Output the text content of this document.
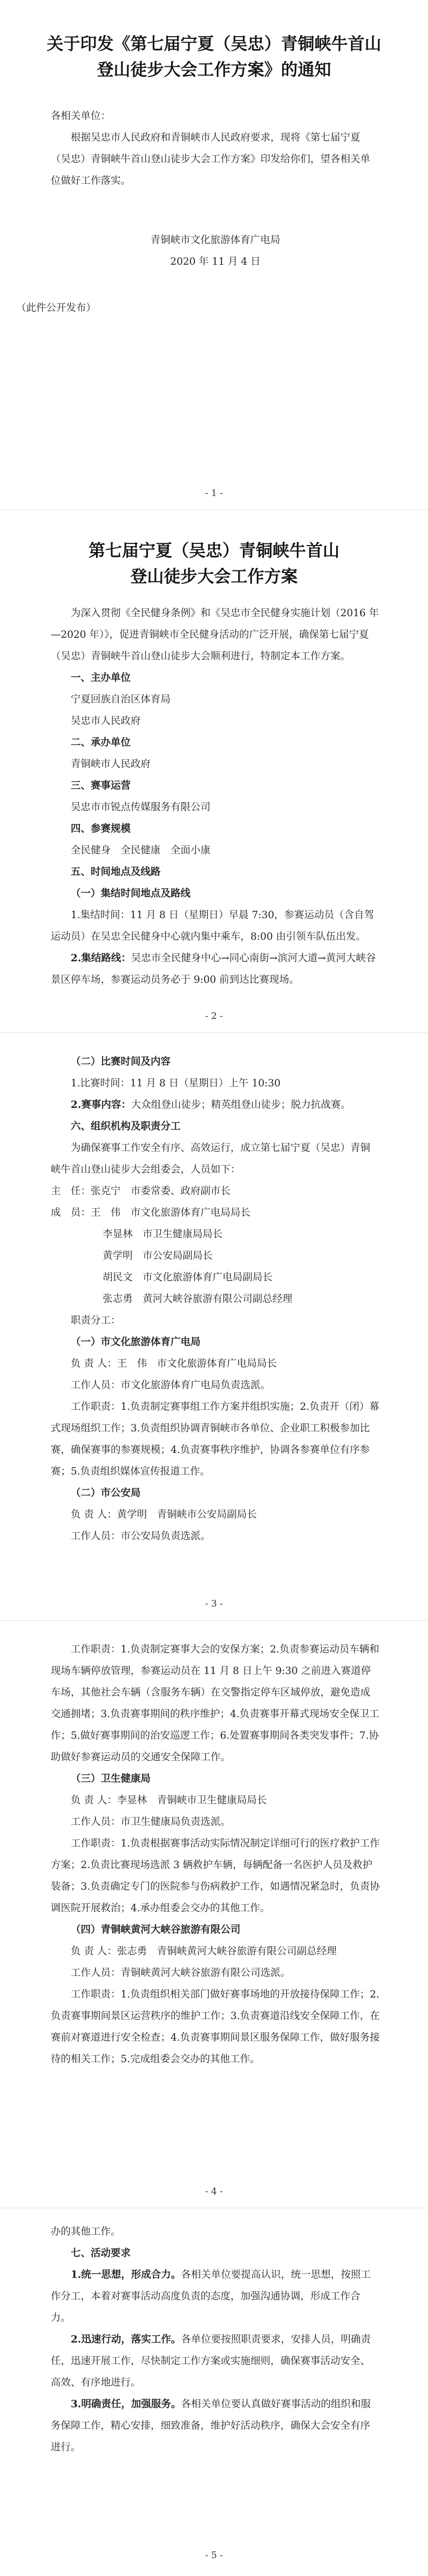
关于印发《第七届宁夏（吴忠）青铜峡牛首山
登山徒步大会工作方案》的通知

各相关单位：

根据吴忠市人民政府和青铜峡市人民政府要求，现将《第七届宁夏（吴忠）青铜峡牛首山登山徒步大会工作方案》印发给你们，望各相关单位做好工作落实。

青铜峡市文化旅游体育广电局

2020 年 11 月 4 日

（此件公开发布）

- 1 -
第七届宁夏（吴忠）青铜峡牛首山
登山徒步大会工作方案

为深入贯彻《全民健身条例》和《吴忠市全民健身实施计划（2016 年—2020 年）》，促进青铜峡市全民健身活动的广泛开展，确保第七届宁夏（吴忠）青铜峡牛首山登山徒步大会顺利进行，特制定本工作方案。

一、主办单位

宁夏回族自治区体育局

吴忠市人民政府

二、承办单位

青铜峡市人民政府

三、赛事运营

吴忠市市锐点传媒服务有限公司

四、参赛规模

全民健身　全民健康　全面小康

五、时间地点及线路

（一）集结时间地点及路线

1.集结时间：11 月 8 日（星期日）早晨 7:30，参赛运动员（含自驾运动员）在吴忠全民健身中心就内集中乘车，8:00 由引领车队伍出发。

2.集结路线：吴忠市全民健身中心→同心南街→滨河大道→黄河大峡谷景区停车场，参赛运动员务必于 9:00 前到达比赛现场。

- 2 -

（二）比赛时间及内容

1.比赛时间：11 月 8 日（星期日）上午 10:30

2.赛事内容：大众组登山徒步；精英组登山徒步；脱力抗战赛。

六、组织机构及职责分工

为确保赛事工作安全有序、高效运行，成立第七届宁夏（吴忠）青铜峡牛首山登山徒步大会组委会，人员如下：

主　任：张克宁　市委常委、政府副市长

成　员：王　伟　市文化旅游体育广电局局长

李显林　市卫生健康局局长

黄学明　市公安局副局长

胡民文　市文化旅游体育广电局副局长

张志勇　黄河大峡谷旅游有限公司副总经理

职责分工：

（一）市文化旅游体育广电局

负 责 人：王　伟　市文化旅游体育广电局局长

工作人员：市文化旅游体育广电局负责选派。

工作职责：1.负责制定赛事组工作方案并组织实施；2.负责开（闭）幕式现场组织工作；3.负责组织协调青铜峡市各单位、企业职工积极参加比赛，确保赛事的参赛规模；4.负责赛事秩序维护，协调各参赛单位有序参赛；5.负责组织媒体宣传报道工作。

（二）市公安局

负 责 人：黄学明　青铜峡市公安局副局长

工作人员：市公安局负责选派。

- 3 -

工作职责：1.负责制定赛事大会的安保方案；2.负责参赛运动员车辆和现场车辆停放管理，参赛运动员在 11 月 8 日上午 9:30 之前进入赛道停车场，其他社会车辆（含服务车辆）在交警指定停车区域停放，避免造成交通拥堵；3.负责赛事期间的秩序维护；4.负责赛事开幕式现场安全保卫工作；5.做好赛事期间的治安巡逻工作；6.处置赛事期间各类突发事件；7.协助做好参赛运动员的交通安全保障工作。

（三）卫生健康局

负 责 人：李显林　青铜峡市卫生健康局局长

工作人员：市卫生健康局负责选派。

工作职责：1.负责根据赛事活动实际情况制定详细可行的医疗救护工作方案；2.负责比赛现场选派 3 辆救护车辆，每辆配备一名医护人员及救护装备；3.负责确定专门的医院参与伤病救护工作，如遇情况紧急时，负责协调医院开展救治；4.承办组委会交办的其他工作。

（四）青铜峡黄河大峡谷旅游有限公司

负 责 人：张志勇　青铜峡黄河大峡谷旅游有限公司副总经理

工作人员：青铜峡黄河大峡谷旅游有限公司选派。

工作职责：1.负责组织相关部门做好赛事场地的开放接待保障工作；2.负责赛事期间景区运营秩序的维护工作；3.负责赛道沿线安全保障工作，在赛前对赛道进行安全检查；4.负责赛事期间景区服务保障工作，做好服务接待的相关工作；5.完成组委会交办的其他工作。

- 4 -

办的其他工作。

七、活动要求

1.统一思想，形成合力。各相关单位要提高认识，统一思想，按照工作分工，本着对赛事活动高度负责的态度，加强沟通协调，形成工作合力。

2.迅速行动，落实工作。各单位要按照职责要求，安排人员，明确责任，迅速开展工作，尽快制定工作方案或实施细则，确保赛事活动安全、高效、有序地进行。

3.明确责任，加强服务。各相关单位要认真做好赛事活动的组织和服务保障工作，精心安排，细致准备，维护好活动秩序，确保大会安全有序进行。

- 5 -
